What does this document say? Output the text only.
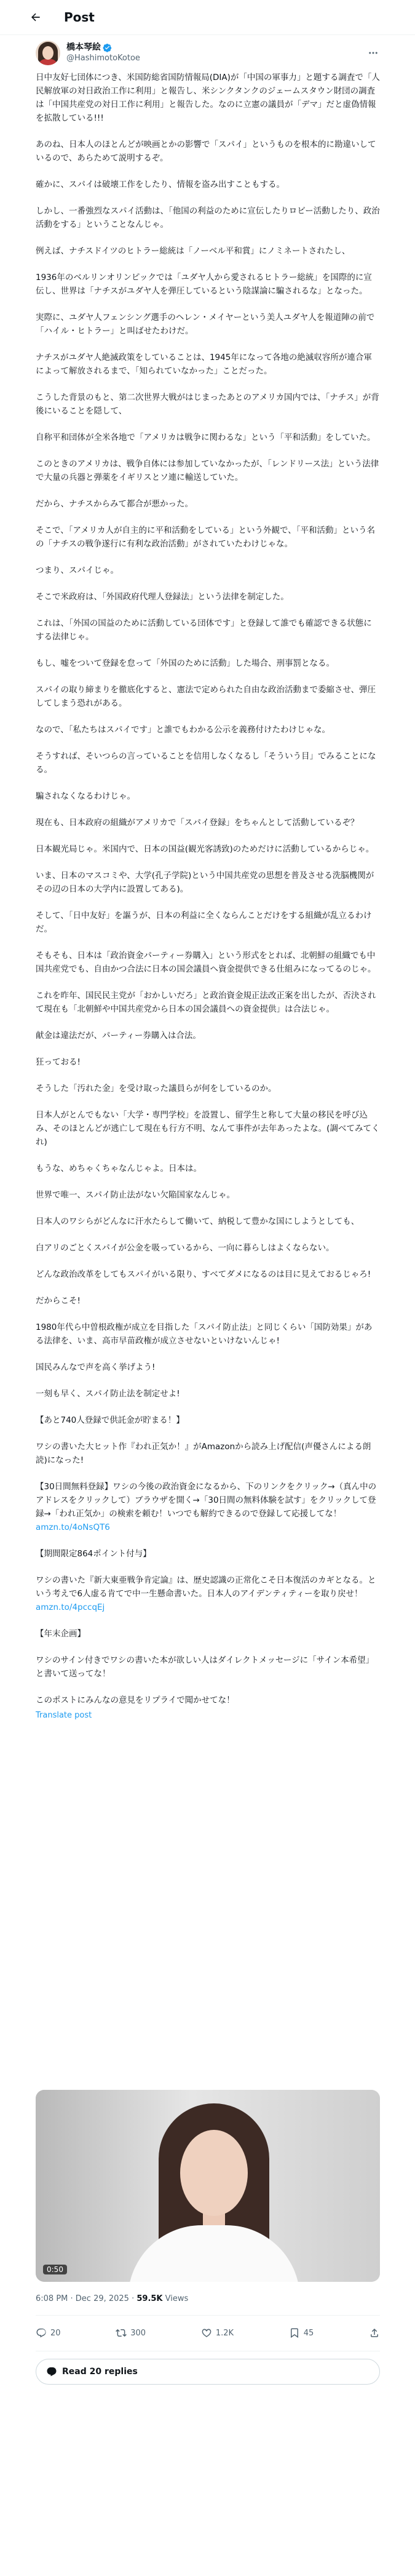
Post
橋本琴絵
@HashimotoKotoe

日中友好七団体につき、米国防総省国防情報局(DIA)が「中国の軍事力」と題する調査で「人民解放軍の対日政治工作に利用」と報告し、米シンクタンクのジェームスタウン財団の調査は「中国共産党の対日工作に利用」と報告した。なのに立憲の議員が「デマ」だと虚偽情報を拡散している!!!

あのね、日本人のほとんどが映画とかの影響で「スパイ」というものを根本的に勘違いしているので、あらためて説明するぞ。

確かに、スパイは破壊工作をしたり、情報を盗み出すこともする。

しかし、一番強烈なスパイ活動は、「他国の利益のために宣伝したりロビー活動したり、政治活動をする」ということなんじゃ。

例えば、ナチスドイツのヒトラー総統は「ノーベル平和賞」にノミネートされたし、

1936年のベルリンオリンピックでは「ユダヤ人から愛されるヒトラー総統」を国際的に宣伝し、世界は「ナチスがユダヤ人を弾圧しているという陰謀論に騙されるな」となった。

実際に、ユダヤ人フェンシング選手のヘレン・メイヤーという美人ユダヤ人を報道陣の前で「ハイル・ヒトラー」と叫ばせたわけだ。

ナチスがユダヤ人絶滅政策をしていることは、1945年になって各地の絶滅収容所が連合軍によって解放されるまで、「知られていなかった」ことだった。

こうした背景のもと、第二次世界大戦がはじまったあとのアメリカ国内では、「ナチス」が背後にいることを隠して、

自称平和団体が全米各地で「アメリカは戦争に関わるな」という「平和活動」をしていた。

このときのアメリカは、戦争自体には参加していなかったが、「レンドリース法」という法律で大量の兵器と弾薬をイギリスとソ連に輸送していた。

だから、ナチスからみて都合が悪かった。

そこで、「アメリカ人が自主的に平和活動をしている」という外観で、「平和活動」という名の「ナチスの戦争遂行に有利な政治活動」がされていたわけじゃな。

つまり、スパイじゃ。

そこで米政府は、「外国政府代理人登録法」という法律を制定した。

これは、「外国の国益のために活動している団体です」と登録して誰でも確認できる状態にする法律じゃ。

もし、嘘をついて登録を怠って「外国のために活動」した場合、刑事罰となる。

スパイの取り締まりを徹底化すると、憲法で定められた自由な政治活動まで委縮させ、弾圧してしまう恐れがある。

なので、「私たちはスパイです」と誰でもわかる公示を義務付けたわけじゃな。

そうすれば、そいつらの言っていることを信用しなくなるし「そういう目」でみることになる。

騙されなくなるわけじゃ。

現在も、日本政府の組織がアメリカで「スパイ登録」をちゃんとして活動しているぞ？

日本観光局じゃ。米国内で、日本の国益(観光客誘致)のためだけに活動しているからじゃ。

いま、日本のマスコミや、大学(孔子学院)という中国共産党の思想を普及させる洗脳機関がその辺の日本の大学内に設置してある)。

そして、「日中友好」を謳うが、日本の利益に全くならんことだけをする組織が乱立るわけだ。

そもそも、日本は「政治資金パーティー券購入」という形式をとれば、北朝鮮の組織でも中国共産党でも、自由かつ合法に日本の国会議員へ資金提供できる仕組みになってるのじゃ。

これを昨年、国民民主党が「おかしいだろ」と政治資金規正法改正案を出したが、否決されて現在も「北朝鮮や中国共産党から日本の国会議員への資金提供」は合法じゃ。

献金は違法だが、パーティー券購入は合法。

狂っておる!

そうした「汚れた金」を受け取った議員らが何をしているのか。

日本人がとんでもない「大学・専門学校」を設置し、留学生と称して大量の移民を呼び込み、そのほとんどが逃亡して現在も行方不明、なんて事件が去年あったよな。(調べてみてくれ)

もうな、めちゃくちゃなんじゃよ。日本は。

世界で唯一、スパイ防止法がない欠陥国家なんじゃ。

日本人のワシらがどんなに汗水たらして働いて、納税して豊かな国にしようとしても、

白アリのごとくスパイが公金を吸っているから、一向に暮らしはよくならない。

どんな政治改革をしてもスパイがいる限り、すべてダメになるのは目に見えておるじゃろ!

だからこそ!

1980年代ら中曽根政権が成立を目指した「スパイ防止法」と同じくらい「国防効果」がある法律を、いま、高市早苗政権が成立させないといけないんじゃ!

国民みんなで声を高く挙げよう!

一刻も早く、スパイ防止法を制定せよ!

【あと740人登録で供託金が貯まる！】

ワシの書いた大ヒット作『われ正気か！』がAmazonから読み上げ配信(声優さんによる朗読)になった!

【30日間無料登録】ワシの今後の政治資金になるから、下のリンクをクリック→（真ん中のアドレスをクリックして）ブラウザを開く→「30日間の無料体験を試す」をクリックして登録→「われ正気か」の検索を頼む！いつでも解約できるので登録して応援してな！

amzn.to/4oNsQT6

【期間限定864ポイント付与】

ワシの書いた『新大東亜戦争肯定論』は、歴史認識の正常化こそ日本復活のカギとなる。という考えで6人虚る肯てで中一生懸命書いた。日本人のアイデンティティーを取り戻せ！

amzn.to/4pccqEj

【年末企画】

ワシのサイン付きでワシの書いた本が欲しい人はダイレクトメッセージに「サイン本希望」と書いて送ってな！

このポストにみんなの意見をリプライで聞かせてな！

Translate post
0:50
6:08 PM · Dec 29, 2025 · 59.5K Views
20	300	1.2K	45
Read 20 replies
